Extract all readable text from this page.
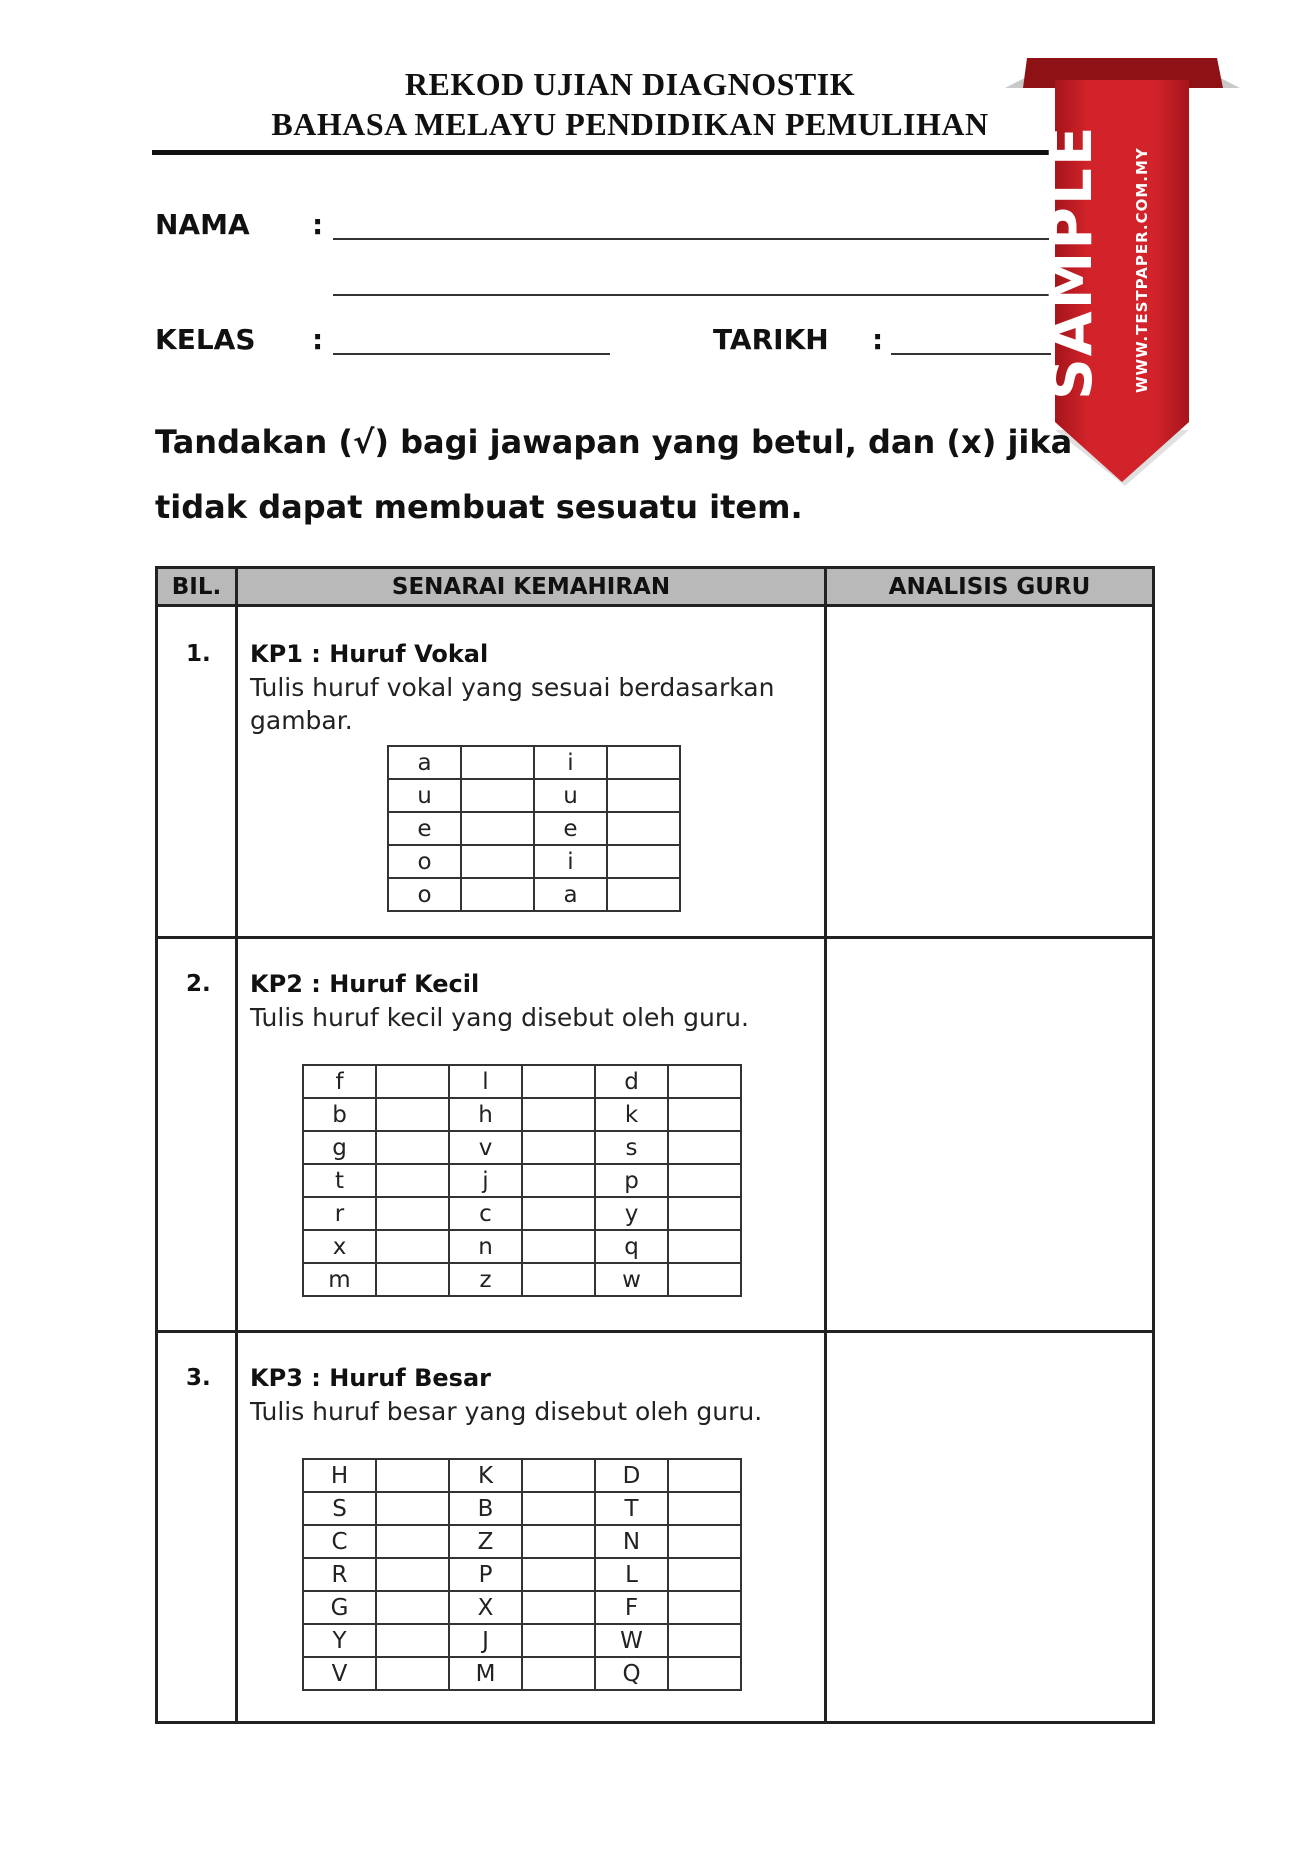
REKOD UJIAN DIAGNOSTIK
BAHASA MELAYU PENDIDIKAN PEMULIHAN
NAMA :
KELAS :	TARIKH :
Tandakan (√) bagi jawapan yang betul, dan (x) jika
tidak dapat membuat sesuatu item.
BIL.	SENARAI KEMAHIRAN	ANALISIS GURU
1. KP1 : Huruf Vokal
Tulis huruf vokal yang sesuai berdasarkan gambar.
a		i	
u		u	
e		e	
o		i	
o		a	
2. KP2 : Huruf Kecil
Tulis huruf kecil yang disebut oleh guru.
f		l		d	
b		h		k	
g		v		s	
t		j		p	
r		c		y	
x		n		q	
m		z		w	
3. KP3 : Huruf Besar
Tulis huruf besar yang disebut oleh guru.
H		K		D	
S		B		T	
C		Z		N	
R		P		L	
G		X		F	
Y		J		W	
V		M		Q	
SAMPLE WWW.TESTPAPER.COM.MY
